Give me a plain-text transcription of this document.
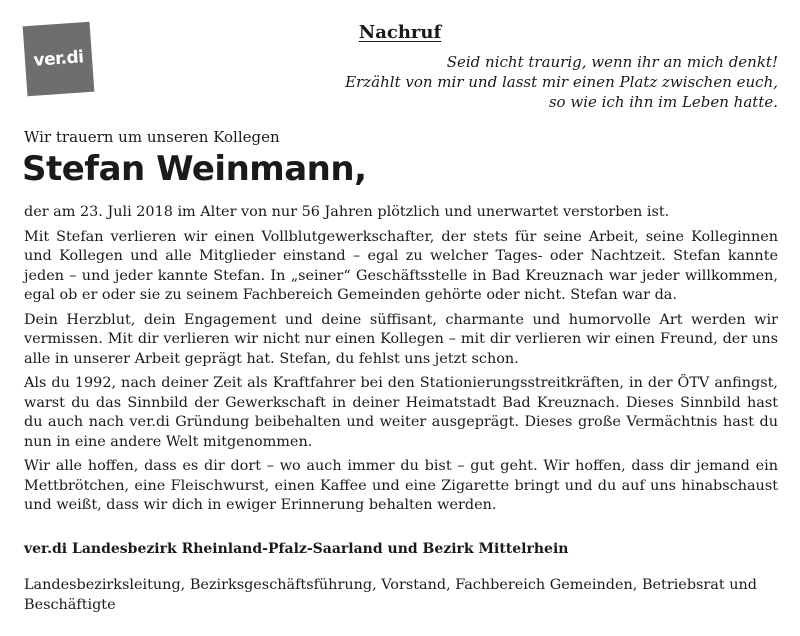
ver.di
Nachruf
Seid nicht traurig, wenn ihr an mich denkt!
Erzählt von mir und lasst mir einen Platz zwischen euch,
so wie ich ihn im Leben hatte.
Wir trauern um unseren Kollegen
Stefan Weinmann,

der am 23. Juli 2018 im Alter von nur 56 Jahren plötzlich und unerwartet verstorben ist.

Mit Stefan verlieren wir einen Vollblutgewerkschafter, der stets für seine Arbeit, seine Kolleginnen und Kollegen und alle Mitglieder einstand – egal zu welcher Tages- oder Nachtzeit. Stefan kannte jeden – und jeder kannte Stefan. In „seiner“ Geschäftsstelle in Bad Kreuznach war jeder willkommen, egal ob er oder sie zu seinem Fachbereich Gemeinden gehörte oder nicht. Stefan war da.

Dein Herzblut, dein Engagement und deine süffisant, charmante und humorvolle Art werden wir vermissen. Mit dir verlieren wir nicht nur einen Kollegen – mit dir verlieren wir einen Freund, der uns alle in unserer Arbeit geprägt hat. Stefan, du fehlst uns jetzt schon.

Als du 1992, nach deiner Zeit als Kraftfahrer bei den Stationierungsstreitkräften, in der ÖTV anfingst, warst du das Sinnbild der Gewerkschaft in deiner Heimatstadt Bad Kreuznach. Dieses Sinnbild hast du auch nach ver.di Gründung beibehalten und weiter ausgeprägt. Dieses große Vermächtnis hast du nun in eine andere Welt mitgenommen.

Wir alle hoffen, dass es dir dort – wo auch immer du bist – gut geht. Wir hoffen, dass dir jemand ein Mettbrötchen, eine Fleischwurst, einen Kaffee und eine Zigarette bringt und du auf uns hinabschaust und weißt, dass wir dich in ewiger Erinnerung behalten werden.

ver.di Landesbezirk Rheinland-Pfalz-Saarland und Bezirk Mittelrhein
Landesbezirksleitung, Bezirksgeschäftsführung, Vorstand, Fachbereich Gemeinden, Betriebsrat und Beschäftigte
